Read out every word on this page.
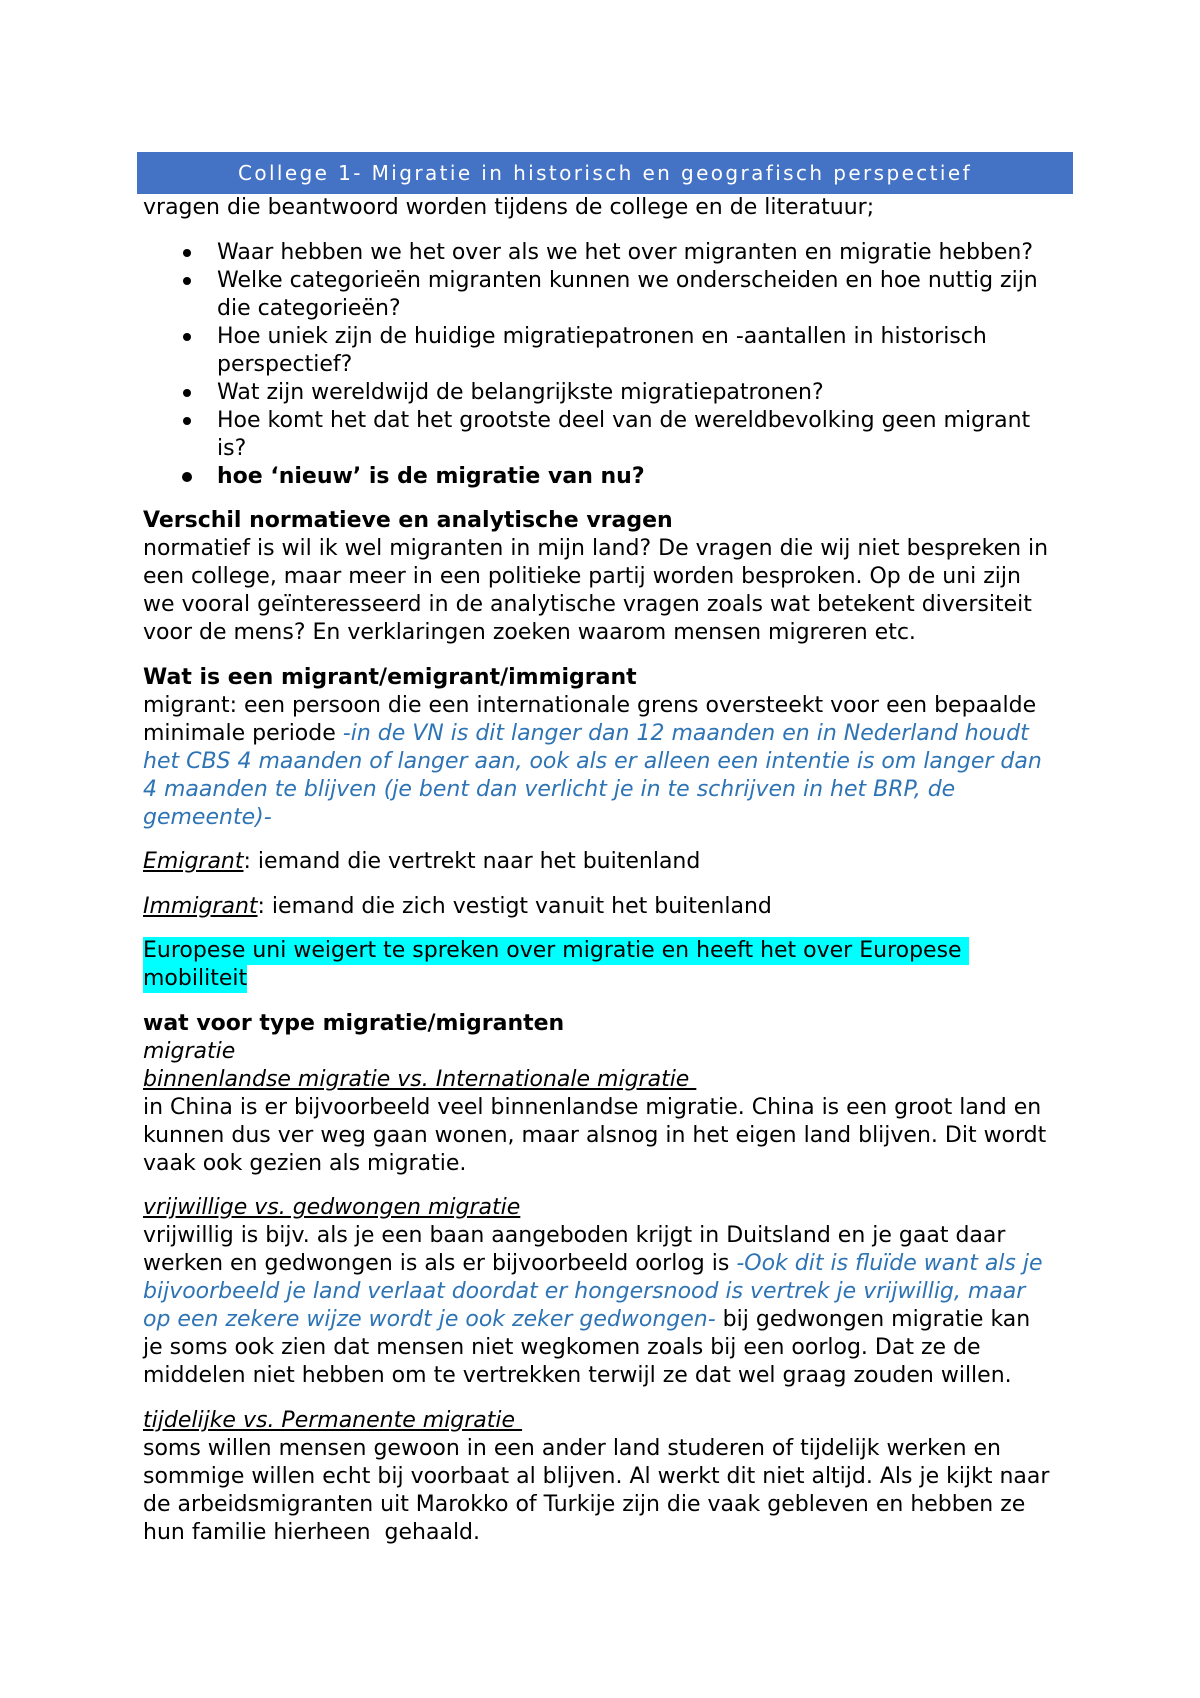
College 1- Migratie in historisch en geografisch perspectief
vragen die beantwoord worden tijdens de college en de literatuur;
Waar hebben we het over als we het over migranten en migratie hebben?
Welke categorieën migranten kunnen we onderscheiden en hoe nuttig zijn
die categorieën?
Hoe uniek zijn de huidige migratiepatronen en -aantallen in historisch
perspectief?
Wat zijn wereldwijd de belangrijkste migratiepatronen?
Hoe komt het dat het grootste deel van de wereldbevolking geen migrant
is?
hoe ‘nieuw’ is de migratie van nu?
Verschil normatieve en analytische vragen
normatief is wil ik wel migranten in mijn land? De vragen die wij niet bespreken in
een college, maar meer in een politieke partij worden besproken. Op de uni zijn
we vooral geïnteresseerd in de analytische vragen zoals wat betekent diversiteit
voor de mens? En verklaringen zoeken waarom mensen migreren etc.
Wat is een migrant/emigrant/immigrant
migrant: een persoon die een internationale grens oversteekt voor een bepaalde
minimale periode -in de VN is dit langer dan 12 maanden en in Nederland houdt
het CBS 4 maanden of langer aan, ook als er alleen een intentie is om langer dan
4 maanden te blijven (je bent dan verlicht je in te schrijven in het BRP, de
gemeente)-
Emigrant: iemand die vertrekt naar het buitenland
Immigrant: iemand die zich vestigt vanuit het buitenland
Europese uni weigert te spreken over migratie en heeft het over Europese
mobiliteit
wat voor type migratie/migranten
migratie
binnenlandse migratie vs. Internationale migratie
in China is er bijvoorbeeld veel binnenlandse migratie. China is een groot land en
kunnen dus ver weg gaan wonen, maar alsnog in het eigen land blijven. Dit wordt
vaak ook gezien als migratie.
vrijwillige vs. gedwongen migratie
vrijwillig is bijv. als je een baan aangeboden krijgt in Duitsland en je gaat daar
werken en gedwongen is als er bijvoorbeeld oorlog is -Ook dit is fluïde want als je
bijvoorbeeld je land verlaat doordat er hongersnood is vertrek je vrijwillig, maar
op een zekere wijze wordt je ook zeker gedwongen- bij gedwongen migratie kan
je soms ook zien dat mensen niet wegkomen zoals bij een oorlog. Dat ze de
middelen niet hebben om te vertrekken terwijl ze dat wel graag zouden willen.
tijdelijke vs. Permanente migratie
soms willen mensen gewoon in een ander land studeren of tijdelijk werken en
sommige willen echt bij voorbaat al blijven. Al werkt dit niet altijd. Als je kijkt naar
de arbeidsmigranten uit Marokko of Turkije zijn die vaak gebleven en hebben ze
hun familie hierheen  gehaald.
